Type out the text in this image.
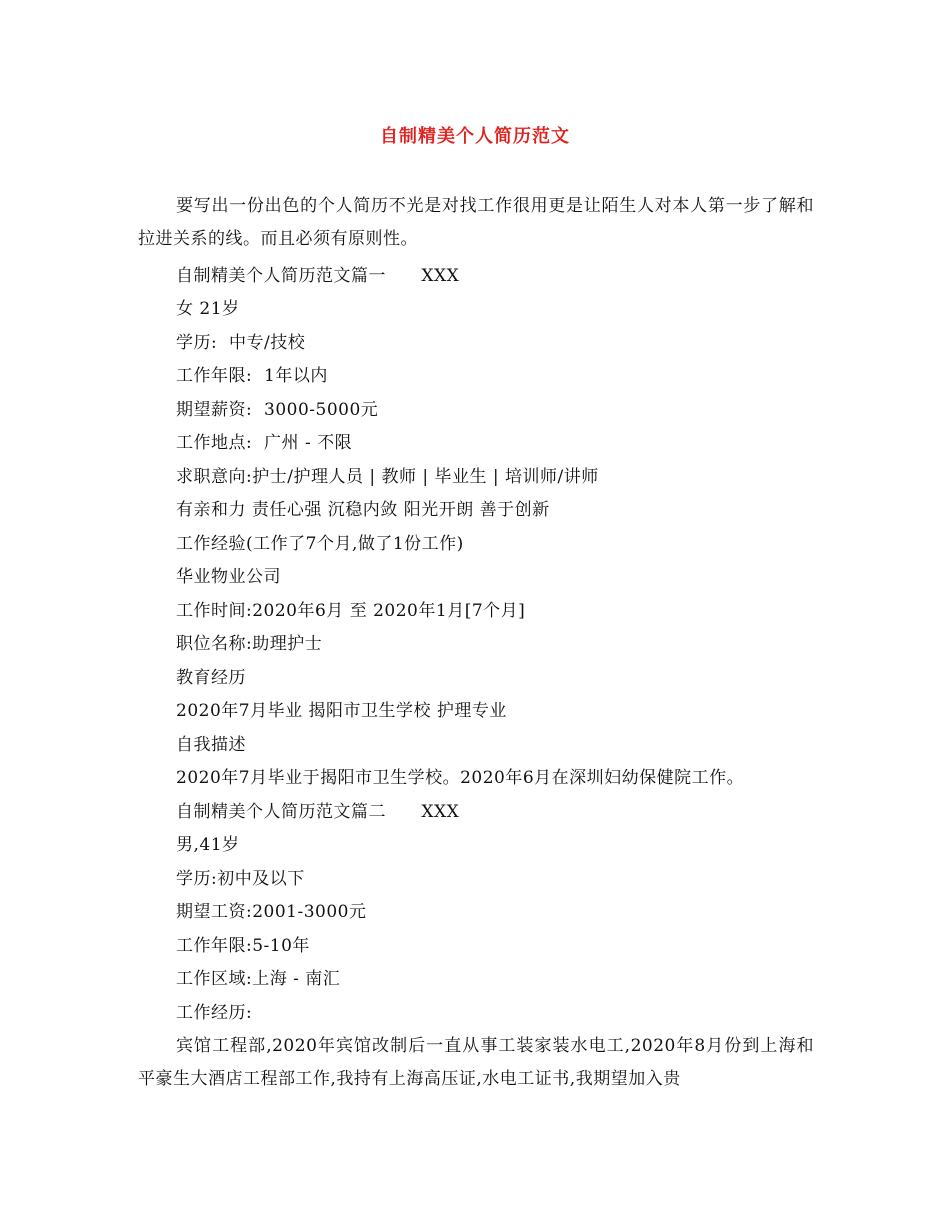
自制精美个人简历范文
要写出一份出色的个人简历不光是对找工作很用更是让陌生人对本人第一步了解和拉进关系的线。而且必须有原则性。
自制精美个人简历范文篇一      XXX
女 21岁
学历:  中专/技校
工作年限:  1年以内
期望薪资:  3000-5000元
工作地点:  广州 - 不限
求职意向:护士/护理人员 | 教师 | 毕业生 | 培训师/讲师
有亲和力 责任心强 沉稳内敛 阳光开朗 善于创新
工作经验(工作了7个月,做了1份工作)
华业物业公司
工作时间:2020年6月 至 2020年1月[7个月]
职位名称:助理护士
教育经历
2020年7月毕业 揭阳市卫生学校 护理专业
自我描述
2020年7月毕业于揭阳市卫生学校。2020年6月在深圳妇幼保健院工作。
自制精美个人简历范文篇二      XXX
男,41岁
学历:初中及以下
期望工资:2001-3000元
工作年限:5-10年
工作区域:上海 - 南汇
工作经历:
宾馆工程部,2020年宾馆改制后一直从事工装家装水电工,2020年8月份到上海和平豪生大酒店工程部工作,我持有上海高压证,水电工证书,我期望加入贵
